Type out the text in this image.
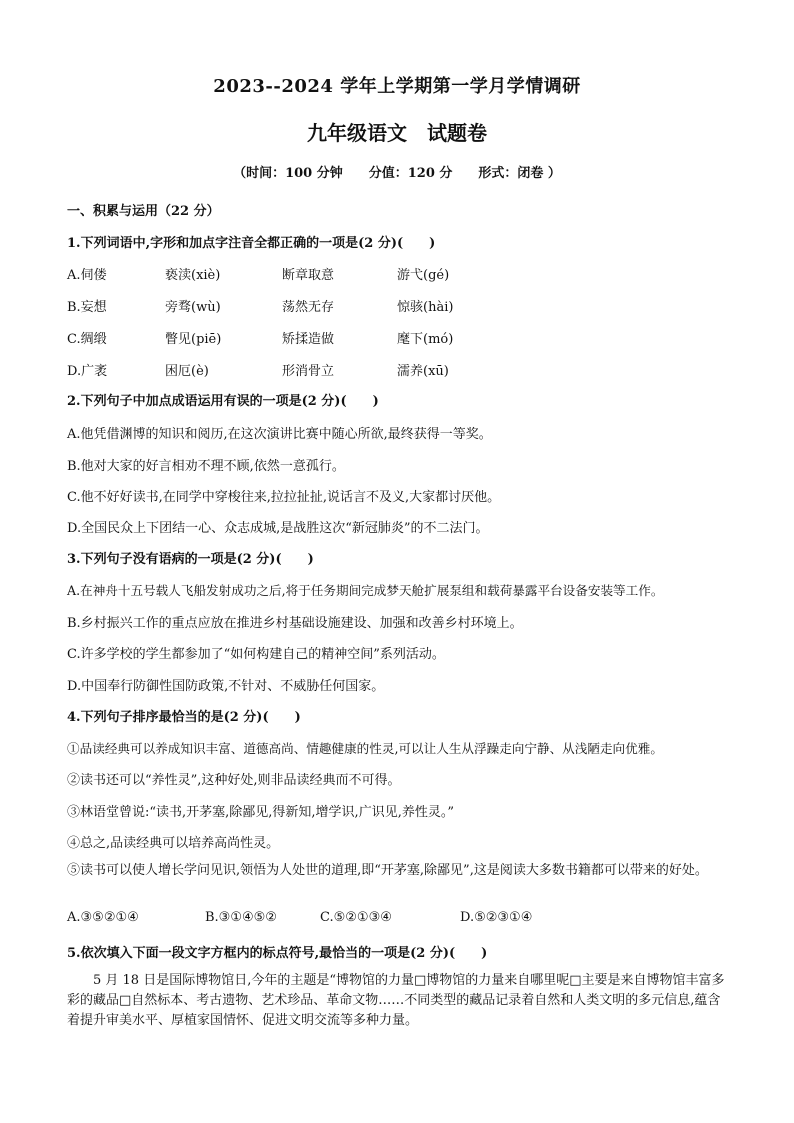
2023--2024 学年上学期第一学月学情调研
九年级语文　试题卷
（时间：100 分钟　　分值：120 分　　形式：闭卷 ）
一、积累与运用（22 分）
1.下列词语中,字形和加点字注音全都正确的一项是(2 分)(　　)
A.伺偻	亵渎(xiè)	断章取意	游弋(gé)
B.妄想	旁骛(wù)	荡然无存	惊骇(hài)
C.绸缎	瞥见(piē)	矫揉造做	麾下(mó)
D.广袤	困厄(è)	形消骨立	濡养(xū)
2.下列句子中加点成语运用有误的一项是(2 分)(　　)
A.他凭借渊博的知识和阅历,在这次演讲比赛中随心所欲,最终获得一等奖。
B.他对大家的好言相劝不理不顾,依然一意孤行。
C.他不好好读书,在同学中穿梭往来,拉拉扯扯,说话言不及义,大家都讨厌他。
D.全国民众上下团结一心、众志成城,是战胜这次“新冠肺炎”的不二法门。
3.下列句子没有语病的一项是(2 分)(　　)
A.在神舟十五号载人飞船发射成功之后,将于任务期间完成梦天舱扩展泵组和载荷暴露平台设备安装等工作。
B.乡村振兴工作的重点应放在推进乡村基础设施建设、加强和改善乡村环境上。
C.许多学校的学生都参加了“如何构建自己的精神空间”系列活动。
D.中国奉行防御性国防政策,不针对、不威胁任何国家。
4.下列句子排序最恰当的是(2 分)(　　)
①品读经典可以养成知识丰富、道德高尚、情趣健康的性灵,可以让人生从浮躁走向宁静、从浅陋走向优雅。
②读书还可以“养性灵”,这种好处,则非品读经典而不可得。
③林语堂曾说:“读书,开茅塞,除鄙见,得新知,增学识,广识见,养性灵。”
④总之,品读经典可以培养高尚性灵。
⑤读书可以使人增长学问见识,领悟为人处世的道理,即“开茅塞,除鄙见”,这是阅读大多数书籍都可以带来的好处。
A.③⑤②①④	B.③①④⑤②	C.⑤②①③④	D.⑤②③①④
5.依次填入下面一段文字方框内的标点符号,最恰当的一项是(2 分)(　　)
5 月 18 日是国际博物馆日,今年的主题是“博物馆的力量□博物馆的力量来自哪里呢□主要是来自博物馆丰富多彩的藏品□自然标本、考古遗物、艺术珍品、革命文物……不同类型的藏品记录着自然和人类文明的多元信息,蕴含着提升审美水平、厚植家国情怀、促进文明交流等多种力量。
